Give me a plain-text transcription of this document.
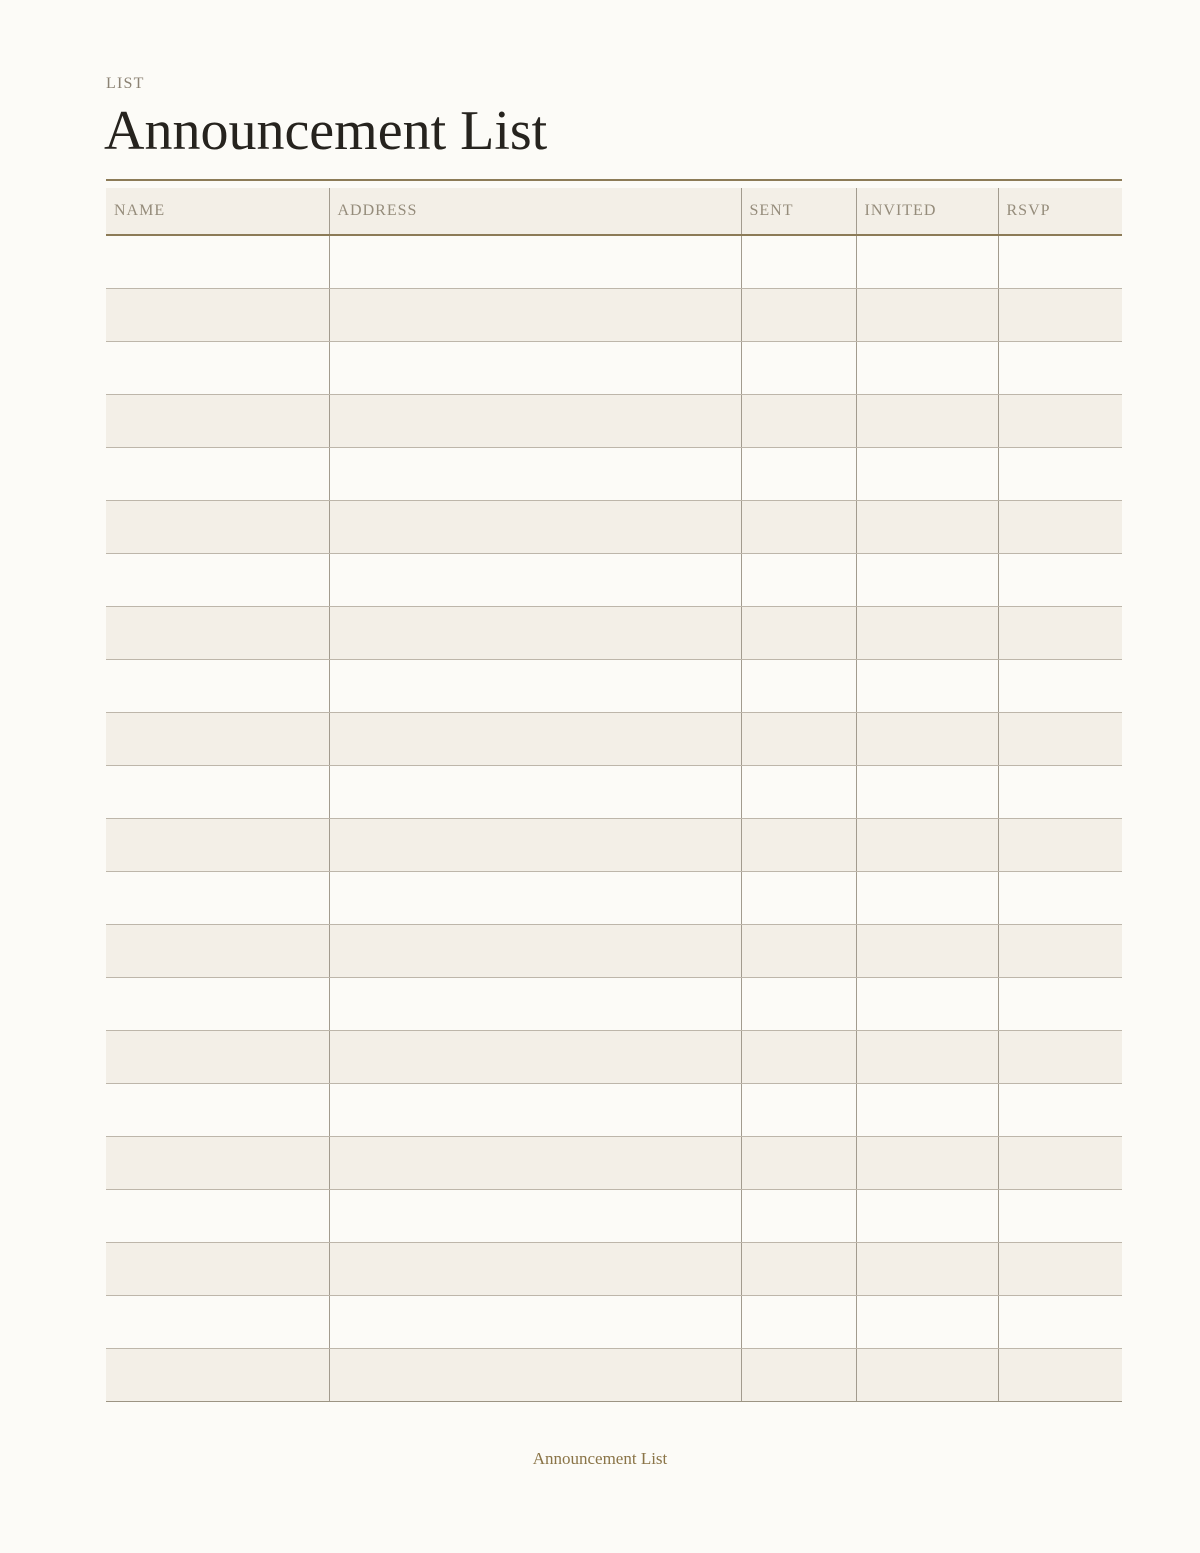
LIST
Announcement List
NAME	ADDRESS	SENT	INVITED	RSVP

Announcement List
